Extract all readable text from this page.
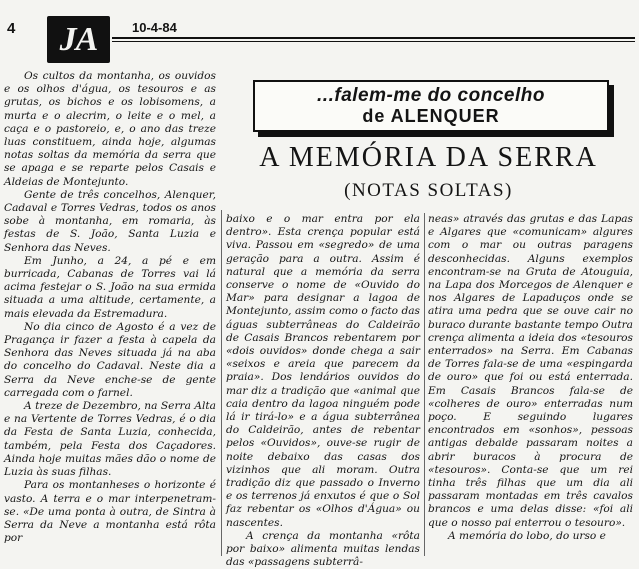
4	JA	10-4-84

Os cultos da montanha, os ouvidos e os olhos d'água, os tesouros e as grutas, os bichos e os lobisomens, a murta e o alecrim, o leite e o mel, a caça e o pastoreio, e, o ano das treze luas constituem, ainda hoje, algumas notas soltas da memória da serra que se apaga e se reparte pelos Casais e Aldeias de Montejunto.

Gente de três concelhos, Alenquer, Cadaval e Torres Vedras, todos os anos sobe à montanha, em romaria, às festas de S. João, Santa Luzia e Senhora das Neves.

Em Junho, a 24, a pé e em burricada, Cabanas de Torres vai lá acima festejar o S. João na sua ermida situada a uma altitude, certamente, a mais elevada da Estremadura.

No dia cinco de Agosto é a vez de Pragança ir fazer a festa à capela da Senhora das Neves situada já na aba do concelho do Cadaval. Neste dia a Serra da Neve enche-se de gente carregada com o farnel.

A treze de Dezembro, na Serra Alta e na Vertente de Torres Vedras, é o dia da Festa de Santa Luzia, conhecida, também, pela Festa dos Caçadores. Ainda hoje muitas mães dão o nome de Luzia às suas filhas.

Para os montanheses o horizonte é vasto. A terra e o mar interpenetram-se. «De uma ponta à outra, de Sintra à Serra da Neve a montanha está rôta por

...falem-me do concelho
de ALENQUER
A MEMÓRIA DA SERRA
(NOTAS SOLTAS)

baixo e o mar entra por ela dentro». Esta crença popular está viva. Passou em «segredo» de uma geração para a outra. Assim é natural que a memória da serra conserve o nome de «Ouvido do Mar» para designar a lagoa de Montejunto, assim como o facto das águas subterrâneas do Caldeirão de Casais Brancos rebentarem por «dois ouvidos» donde chega a sair «seixos e areia que parecem da praia». Dos lendários ouvidos do mar diz a tradição que «animal que caia dentro da lagoa ninguém pode lá ir tirá-lo» e a água subterrânea do Caldeirão, antes de rebentar pelos «Ouvidos», ouve-se rugir de noite debaixo das casas dos vizinhos que ali moram. Outra tradição diz que passado o Inverno e os terrenos já enxutos é que o Sol faz rebentar os «Olhos d'Água» ou nascentes.

A crença da montanha «rôta por baixo» alimenta muitas lendas das «passagens subterrâ-

neas» através das grutas e das Lapas e Algares que «comunicam» algures com o mar ou outras paragens desconhecidas. Alguns exemplos encontram-se na Gruta de Atouguia, na Lapa dos Morcegos de Alenquer e nos Algares de Lapaduços onde se atira uma pedra que se ouve cair no buraco durante bastante tempo Outra crença alimenta a ideia dos «tesouros enterrados» na Serra. Em Cabanas de Torres fala-se de uma «espingarda de ouro» que foi ou está enterrada. Em Casais Brancos fala-se de «colheres de ouro» enterradas num poço. E seguindo lugares encontrados em «sonhos», pessoas antigas debalde passaram noites a abrir buracos à procura de «tesouros». Conta-se que um rei tinha três filhas que um dia ali passaram montadas em três cavalos brancos e uma delas disse: «foi ali que o nosso pai enterrou o tesouro».

A memória do lobo, do urso e
